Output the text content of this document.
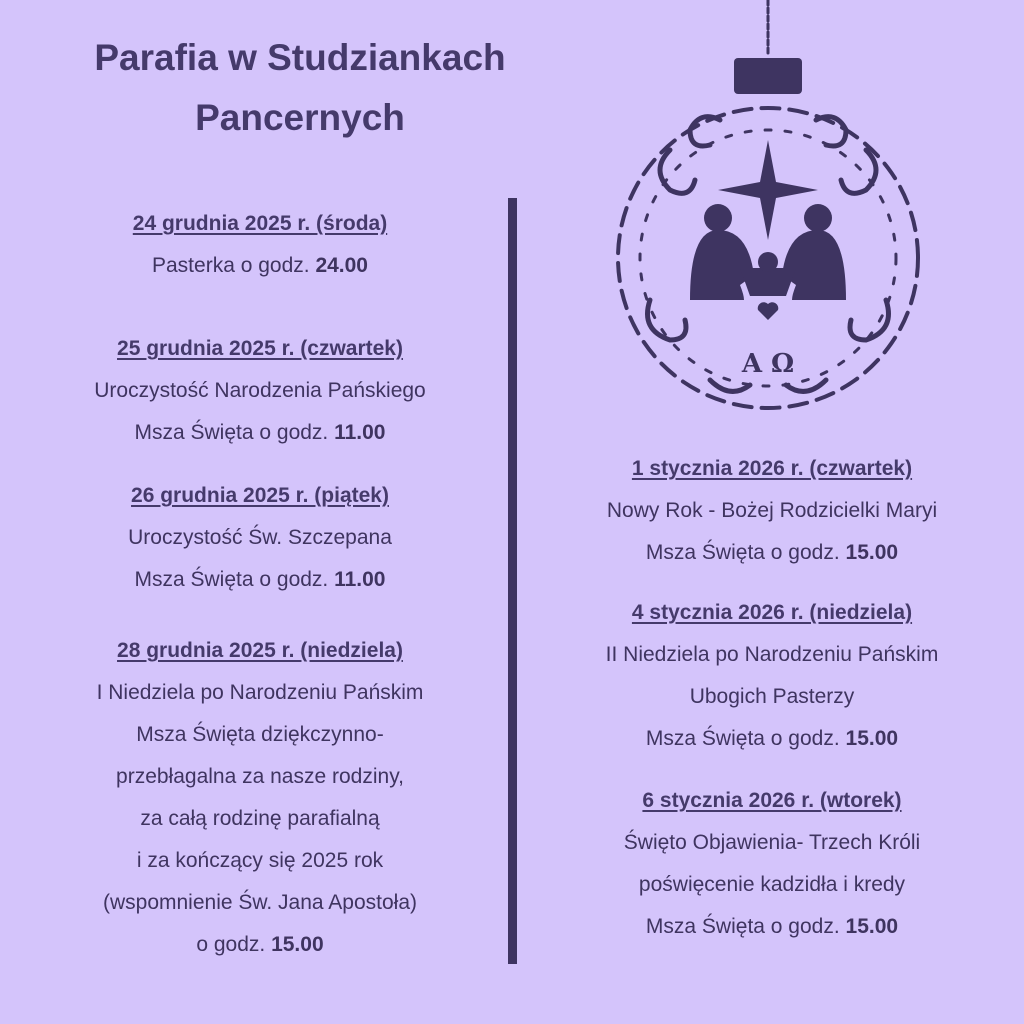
Parafia w Studziankach
Pancernych
24 grudnia 2025 r. (środa)
Pasterka o godz. 24.00
25 grudnia 2025 r. (czwartek)
Uroczystość Narodzenia Pańskiego
Msza Święta o godz. 11.00
26 grudnia 2025 r. (piątek)
Uroczystość Św. Szczepana
Msza Święta o godz. 11.00
28 grudnia 2025 r. (niedziela)
I Niedziela po Narodzeniu Pańskim
Msza Święta dziękczynno-
przebłagalna za nasze rodziny,
za całą rodzinę parafialną
i za kończący się 2025 rok
(wspomnienie Św. Jana Apostoła)
o godz. 15.00
1 stycznia 2026 r. (czwartek)
Nowy Rok - Bożej Rodzicielki Maryi
Msza Święta o godz. 15.00
4 stycznia 2026 r. (niedziela)
II Niedziela po Narodzeniu Pańskim
Ubogich Pasterzy
Msza Święta o godz. 15.00
6 stycznia 2026 r. (wtorek)
Święto Objawienia- Trzech Króli
poświęcenie kadzidła i kredy
Msza Święta o godz. 15.00
A Ω
